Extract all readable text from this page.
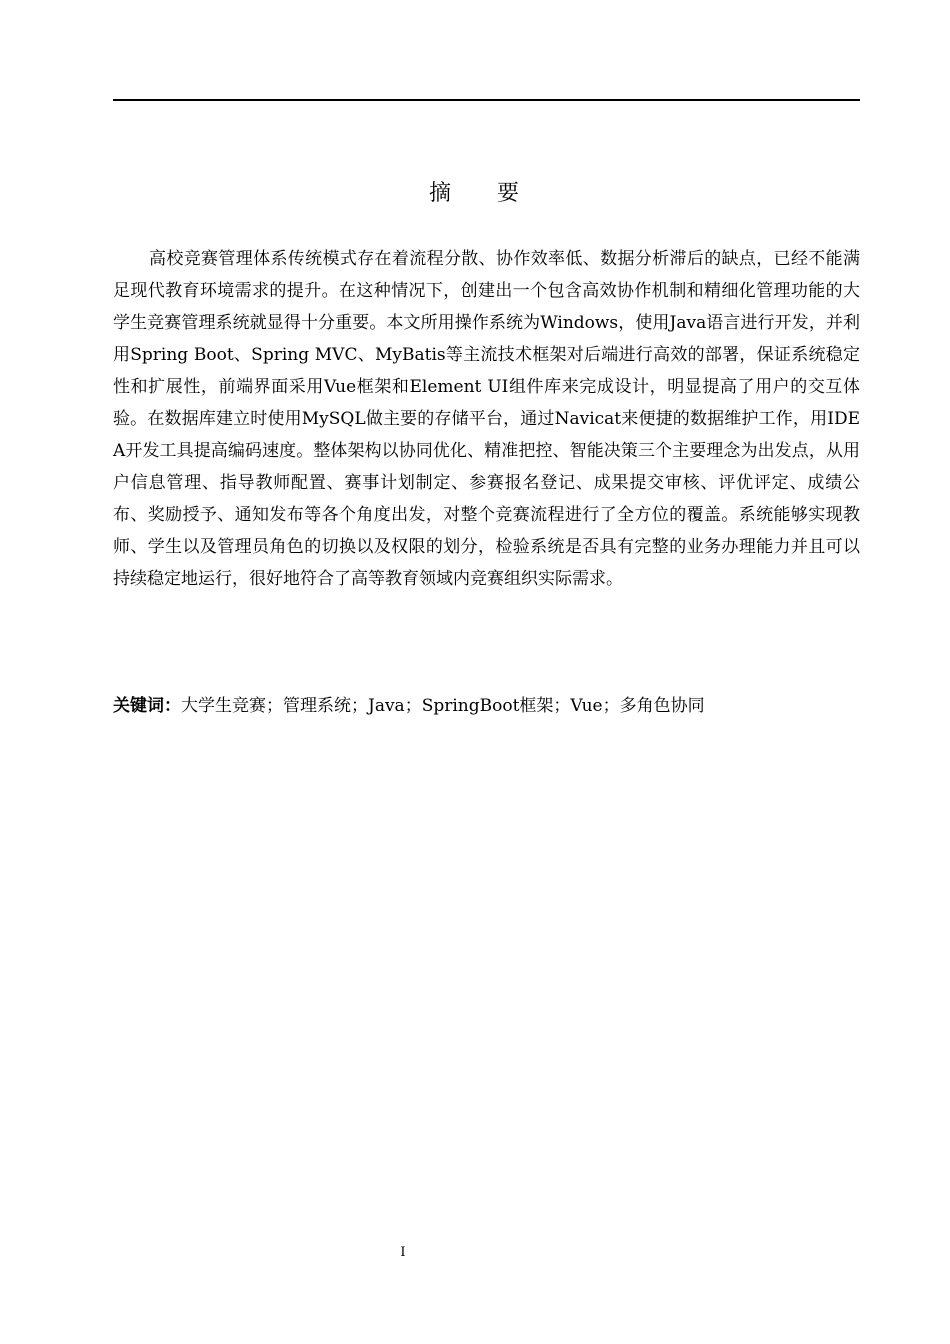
摘 要

高校竞赛管理体系传统模式存在着流程分散、协作效率低、数据分析滞后的缺点，已经不能满足现代教育环境需求的提升。在这种情况下，创建出一个包含高效协作机制和精细化管理功能的大学生竞赛管理系统就显得十分重要。本文所用操作系统为Windows，使用Java语言进行开发，并利用Spring Boot、Spring MVC、MyBatis等主流技术框架对后端进行高效的部署，保证系统稳定性和扩展性，前端界面采用Vue框架和Element UI组件库来完成设计，明显提高了用户的交互体验。在数据库建立时使用MySQL做主要的存储平台，通过Navicat来便捷的数据维护工作，用IDEA开发工具提高编码速度。整体架构以协同优化、精准把控、智能决策三个主要理念为出发点，从用户信息管理、指导教师配置、赛事计划制定、参赛报名登记、成果提交审核、评优评定、成绩公布、奖励授予、通知发布等各个角度出发，对整个竞赛流程进行了全方位的覆盖。系统能够实现教师、学生以及管理员角色的切换以及权限的划分，检验系统是否具有完整的业务办理能力并且可以持续稳定地运行，很好地符合了高等教育领域内竞赛组织实际需求。

关键词：大学生竞赛；管理系统；Java；SpringBoot框架；Vue；多角色协同

I
